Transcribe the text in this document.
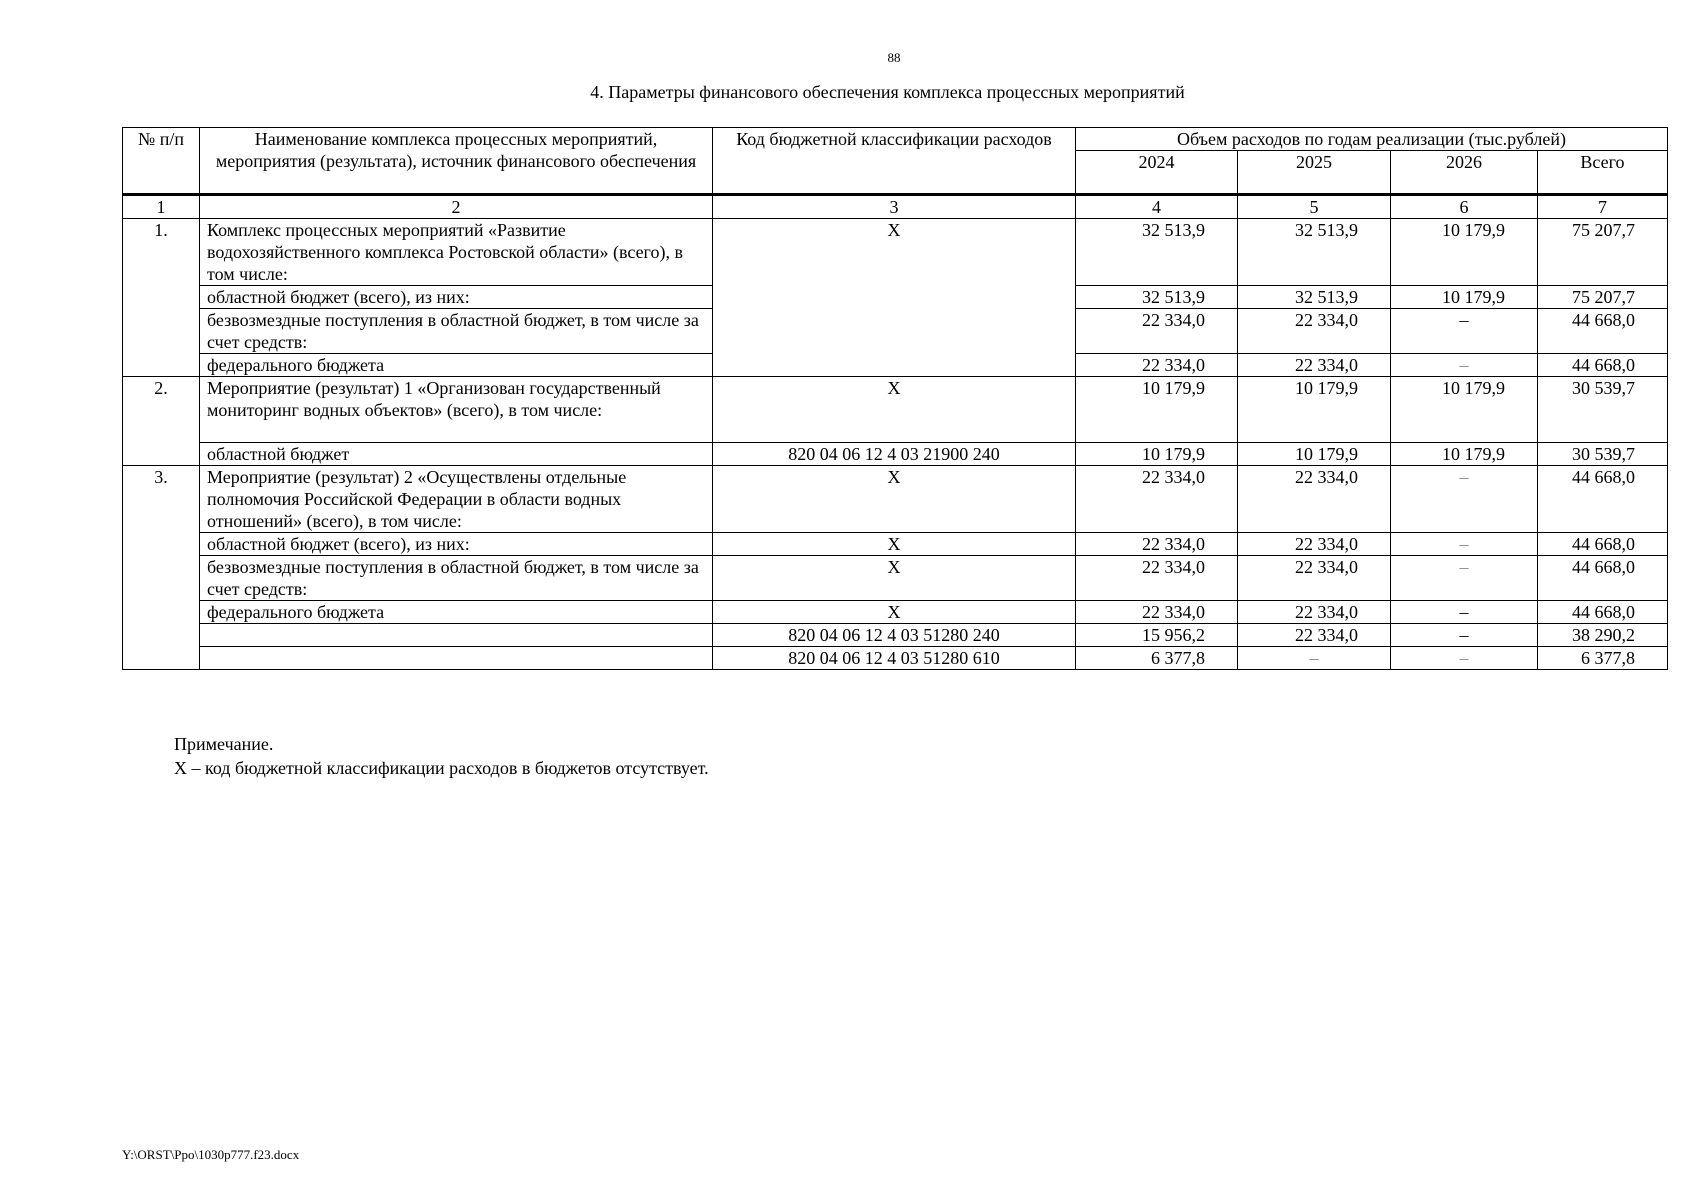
88
4. Параметры финансового обеспечения комплекса процессных мероприятий
№ п/п	Наименование комплекса процессных мероприятий, мероприятия (результата), источник финансового обеспечения	Код бюджетной классификации расходов	Объем расходов по годам реализации (тыс.рублей)			
			2024	2025	2026	Всего
1	2	3	4	5	6	7
1.	Комплекс процессных мероприятий «Развитие водохозяйственного комплекса Ростовской области» (всего), в том числе:	X	32 513,9	32 513,9	10 179,9	75 207,7
	областной бюджет (всего), из них:		32 513,9	32 513,9	10 179,9	75 207,7
	безвозмездные поступления в областной бюджет, в том числе за счет средств:		22 334,0	22 334,0	–	44 668,0
	федерального бюджета		22 334,0	22 334,0	–	44 668,0
2.	Мероприятие (результат) 1 «Организован государственный мониторинг водных объектов» (всего), в том числе:	X	10 179,9	10 179,9	10 179,9	30 539,7
	областной бюджет	820 04 06 12 4 03 21900 240	10 179,9	10 179,9	10 179,9	30 539,7
3.	Мероприятие (результат) 2 «Осуществлены отдельные полномочия Российской Федерации в области водных отношений» (всего), в том числе:	X	22 334,0	22 334,0	–	44 668,0
	областной бюджет (всего), из них:	X	22 334,0	22 334,0	–	44 668,0
	безвозмездные поступления в областной бюджет, в том числе за счет средств:	X	22 334,0	22 334,0	–	44 668,0
	федерального бюджета	X	22 334,0	22 334,0	–	44 668,0
		820 04 06 12 4 03 51280 240	15 956,2	22 334,0	–	38 290,2
		820 04 06 12 4 03 51280 610	6 377,8	–	–	6 377,8
Примечание.
X – код бюджетной классификации расходов в бюджетов отсутствует.
Y:\ORST\Ppo\1030p777.f23.docx
